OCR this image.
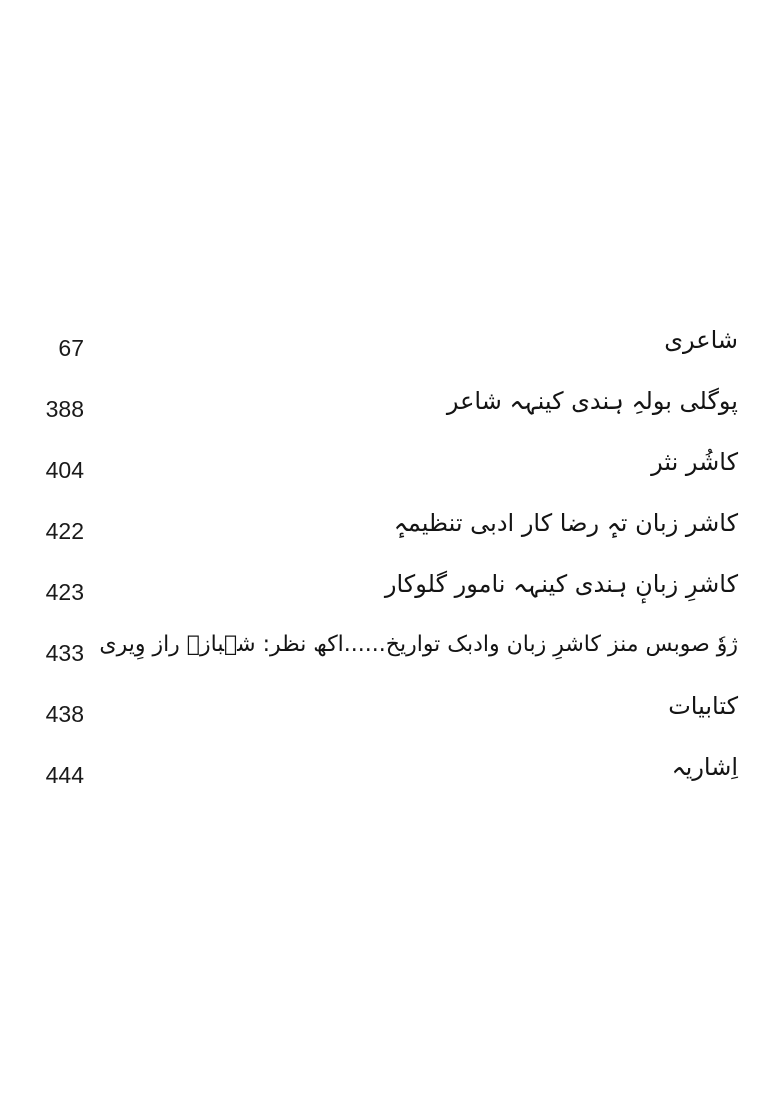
شاعری
67
پوگلی بولہِ ہندی کینہہ شاعر
388
کاشُر نثر
404
کاشر زبان تہٕ رضا کار ادبی تنظیمہٕ
422
کاشرِ زبانٕ ہندی کینہہ نامور گلوکار
423
ژوٗ صوبس منز کاشرِ زبان وادبک تواریخ......اکھ نظر: شہبازؔ راز وِیری
433
کتابیات
438
اِشاریہ
444
